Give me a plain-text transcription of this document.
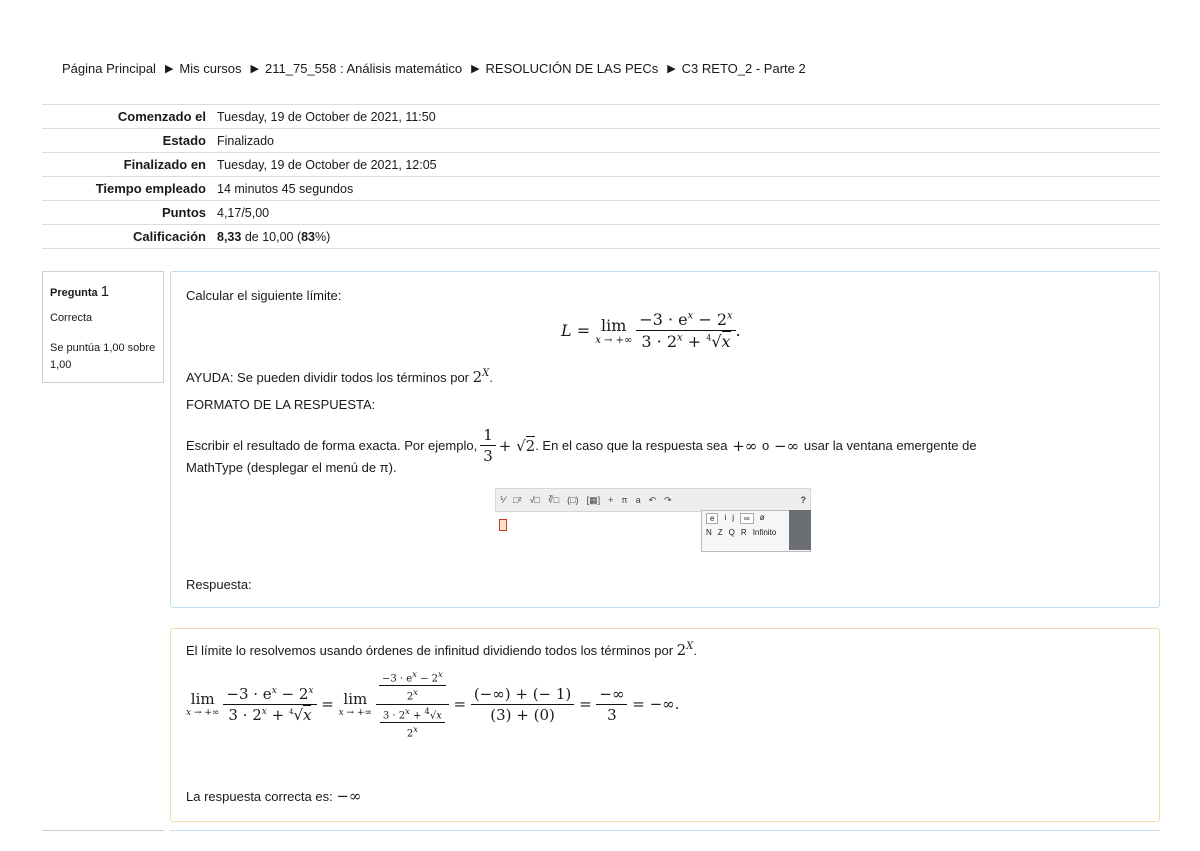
Página Principal ▶ Mis cursos ▶ 211_75_558 : Análisis matemático ▶ RESOLUCIÓN DE LAS PECs ▶ C3 RETO_2 - Parte 2
Comenzado el	Tuesday, 19 de October de 2021, 11:50
Estado	Finalizado
Finalizado en	Tuesday, 19 de October de 2021, 12:05
Tiempo empleado	14 minutos 45 segundos
Puntos	4,17/5,00
Calificación	8,33 de 10,00 (83%)
Pregunta 1
Correcta
Se puntúa 1,00 sobre 1,00
Calcular el siguiente límite:
L = lim
x → +∞ $\frac{-3 \cdot e^x - 2^x}{3 \cdot 2^x + ^4√x}$ .
AYUDA: Se pueden dividir todos los términos por $2^X$.
FORMATO DE LA RESPUESTA:
Escribir el resultado de forma exacta. Por ejemplo, $\frac{1}{3} + √2$ . En el caso que la respuesta sea +∞ o −∞ usar la ventana emergente de
MathType (desplegar el menú de π).
⅟ □² √□ ∛□ (□) [▦] + π a ↶ ↷	?
e	i j	∞	ø
N Z Q R Infinito
Respuesta:
El límite lo resolvemos usando órdenes de infinitud dividiendo todos los términos por $2^X$.
lim
x → +∞ $\frac{-3 \cdot e^x - 2^x}{3 \cdot 2^x + ^4√x} = \lim$
x → +∞ $\frac{\frac{-3 \cdot e^x - 2^x}{2^x}}{\frac{3 \cdot 2^x + ^4√x}{2^x}} = \frac{(-\infty) + (- 1)}{(3) + (0)} = \frac{-\infty}{3}$ = −∞.
La respuesta correcta es: −∞
